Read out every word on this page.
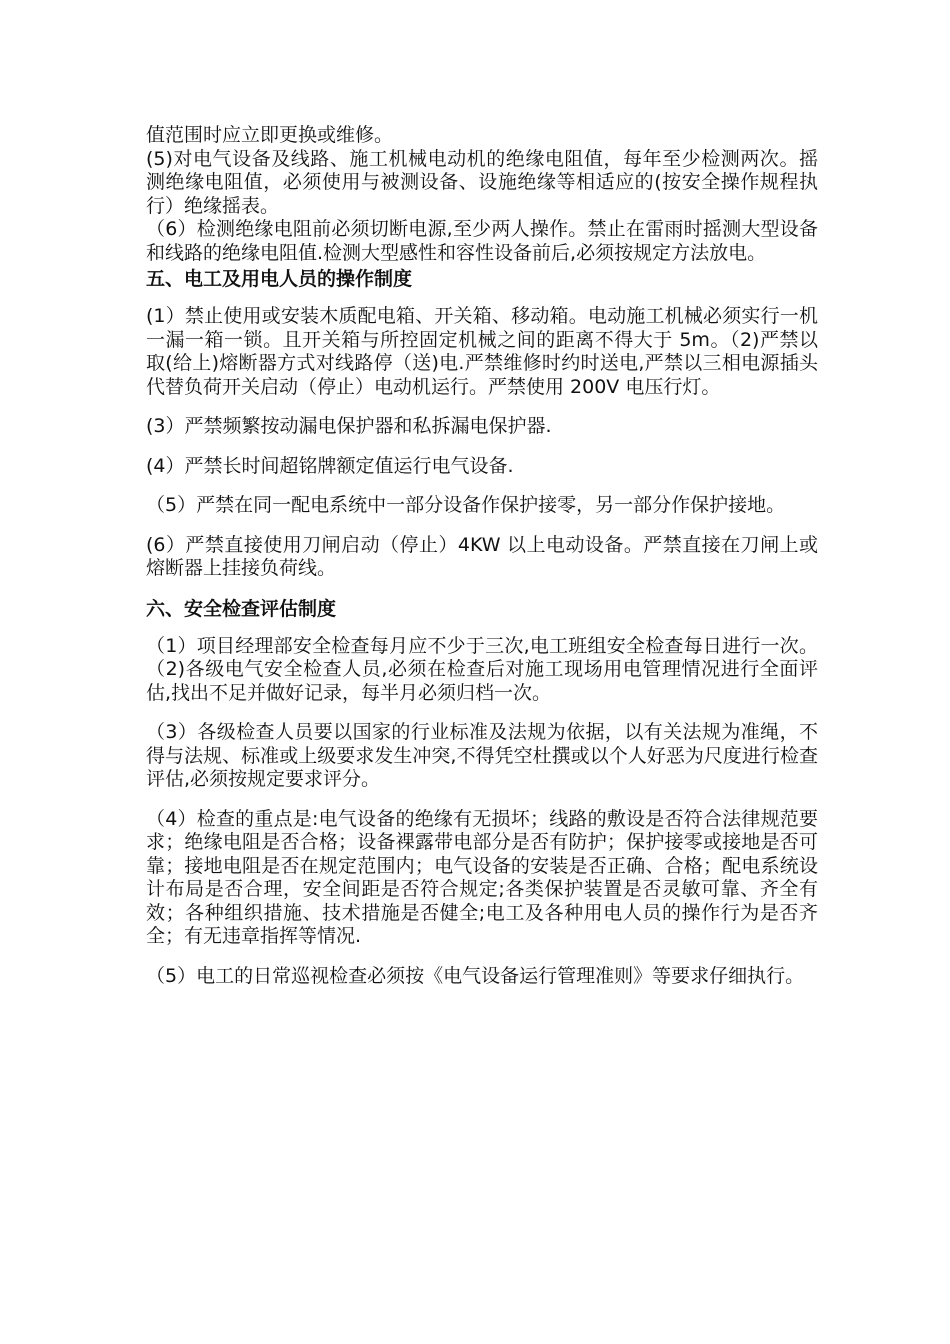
值范围时应立即更换或维修。

(5)对电气设备及线路、施工机械电动机的绝缘电阻值，每年至少检测两次。摇测绝缘电阻值，必须使用与被测设备、设施绝缘等相适应的(按安全操作规程执行）绝缘摇表。

（6）检测绝缘电阻前必须切断电源,至少两人操作。禁止在雷雨时摇测大型设备和线路的绝缘电阻值.检测大型感性和容性设备前后,必须按规定方法放电。

五、电工及用电人员的操作制度

(1）禁止使用或安装木质配电箱、开关箱、移动箱。电动施工机械必须实行一机一漏一箱一锁。且开关箱与所控固定机械之间的距离不得大于 5m。（2)严禁以取(给上)熔断器方式对线路停（送)电.严禁维修时约时送电,严禁以三相电源插头代替负荷开关启动（停止）电动机运行。严禁使用 200V 电压行灯。

(3）严禁频繁按动漏电保护器和私拆漏电保护器.

(4）严禁长时间超铭牌额定值运行电气设备.

（5）严禁在同一配电系统中一部分设备作保护接零，另一部分作保护接地。

(6）严禁直接使用刀闸启动（停止）4KW 以上电动设备。严禁直接在刀闸上或熔断器上挂接负荷线。

六、安全检查评估制度

（1）项目经理部安全检查每月应不少于三次,电工班组安全检查每日进行一次。（2)各级电气安全检查人员,必须在检查后对施工现场用电管理情况进行全面评估,找出不足并做好记录，每半月必须归档一次。

（3）各级检查人员要以国家的行业标准及法规为依据，以有关法规为准绳，不得与法规、标准或上级要求发生冲突,不得凭空杜撰或以个人好恶为尺度进行检查评估,必须按规定要求评分。

（4）检查的重点是:电气设备的绝缘有无损坏；线路的敷设是否符合法律规范要求；绝缘电阻是否合格；设备裸露带电部分是否有防护；保护接零或接地是否可靠；接地电阻是否在规定范围内；电气设备的安装是否正确、合格；配电系统设计布局是否合理，安全间距是否符合规定;各类保护装置是否灵敏可靠、齐全有效；各种组织措施、技术措施是否健全;电工及各种用电人员的操作行为是否齐全；有无违章指挥等情况.

（5）电工的日常巡视检查必须按《电气设备运行管理准则》等要求仔细执行。
